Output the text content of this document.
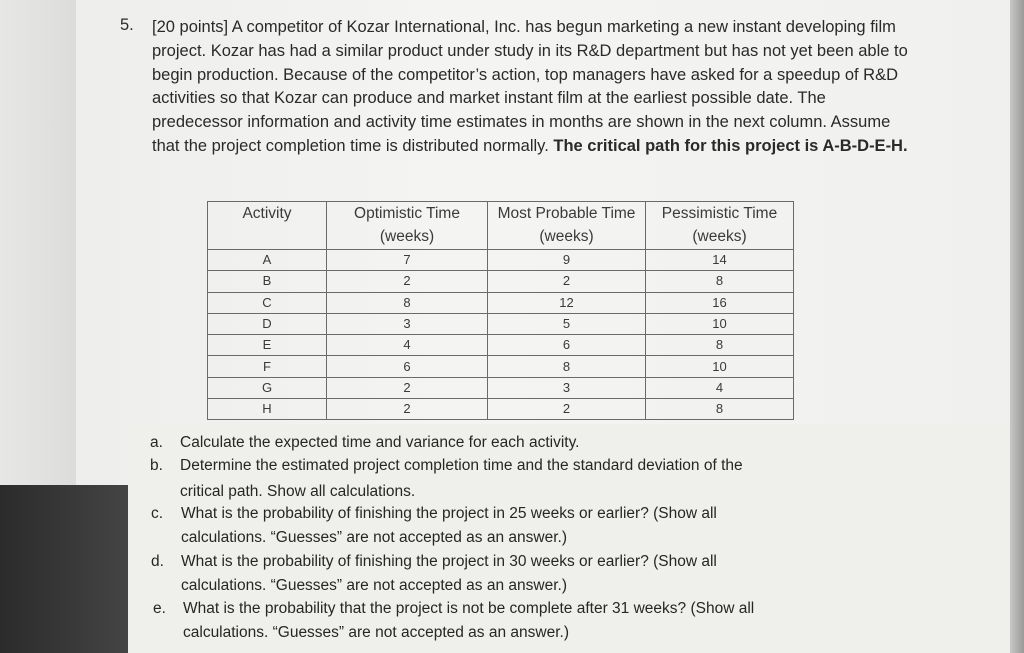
5. [20 points] A competitor of Kozar International, Inc. has begun marketing a new instant developing film project. Kozar has had a similar product under study in its R&D department but has not yet been able to begin production. Because of the competitor’s action, top managers have asked for a speedup of R&D activities so that Kozar can produce and market instant film at the earliest possible date. The predecessor information and activity time estimates in months are shown in the next column. Assume that the project completion time is distributed normally. The critical path for this project is A-B-D-E-H.

Activity	Optimistic Time (weeks)	Most Probable Time (weeks)	Pessimistic Time (weeks)
A	7	9	14
B	2	2	8
C	8	12	16
D	3	5	10
E	4	6	8
F	6	8	10
G	2	3	4
H	2	2	8
a. Calculate the expected time and variance for each activity.
b. Determine the estimated project completion time and the standard deviation of the
critical path. Show all calculations.
c. What is the probability of finishing the project in 25 weeks or earlier? (Show all
calculations. “Guesses” are not accepted as an answer.)
d. What is the probability of finishing the project in 30 weeks or earlier? (Show all
calculations. “Guesses” are not accepted as an answer.)
e. What is the probability that the project is not be complete after 31 weeks? (Show all
calculations. “Guesses” are not accepted as an answer.)
